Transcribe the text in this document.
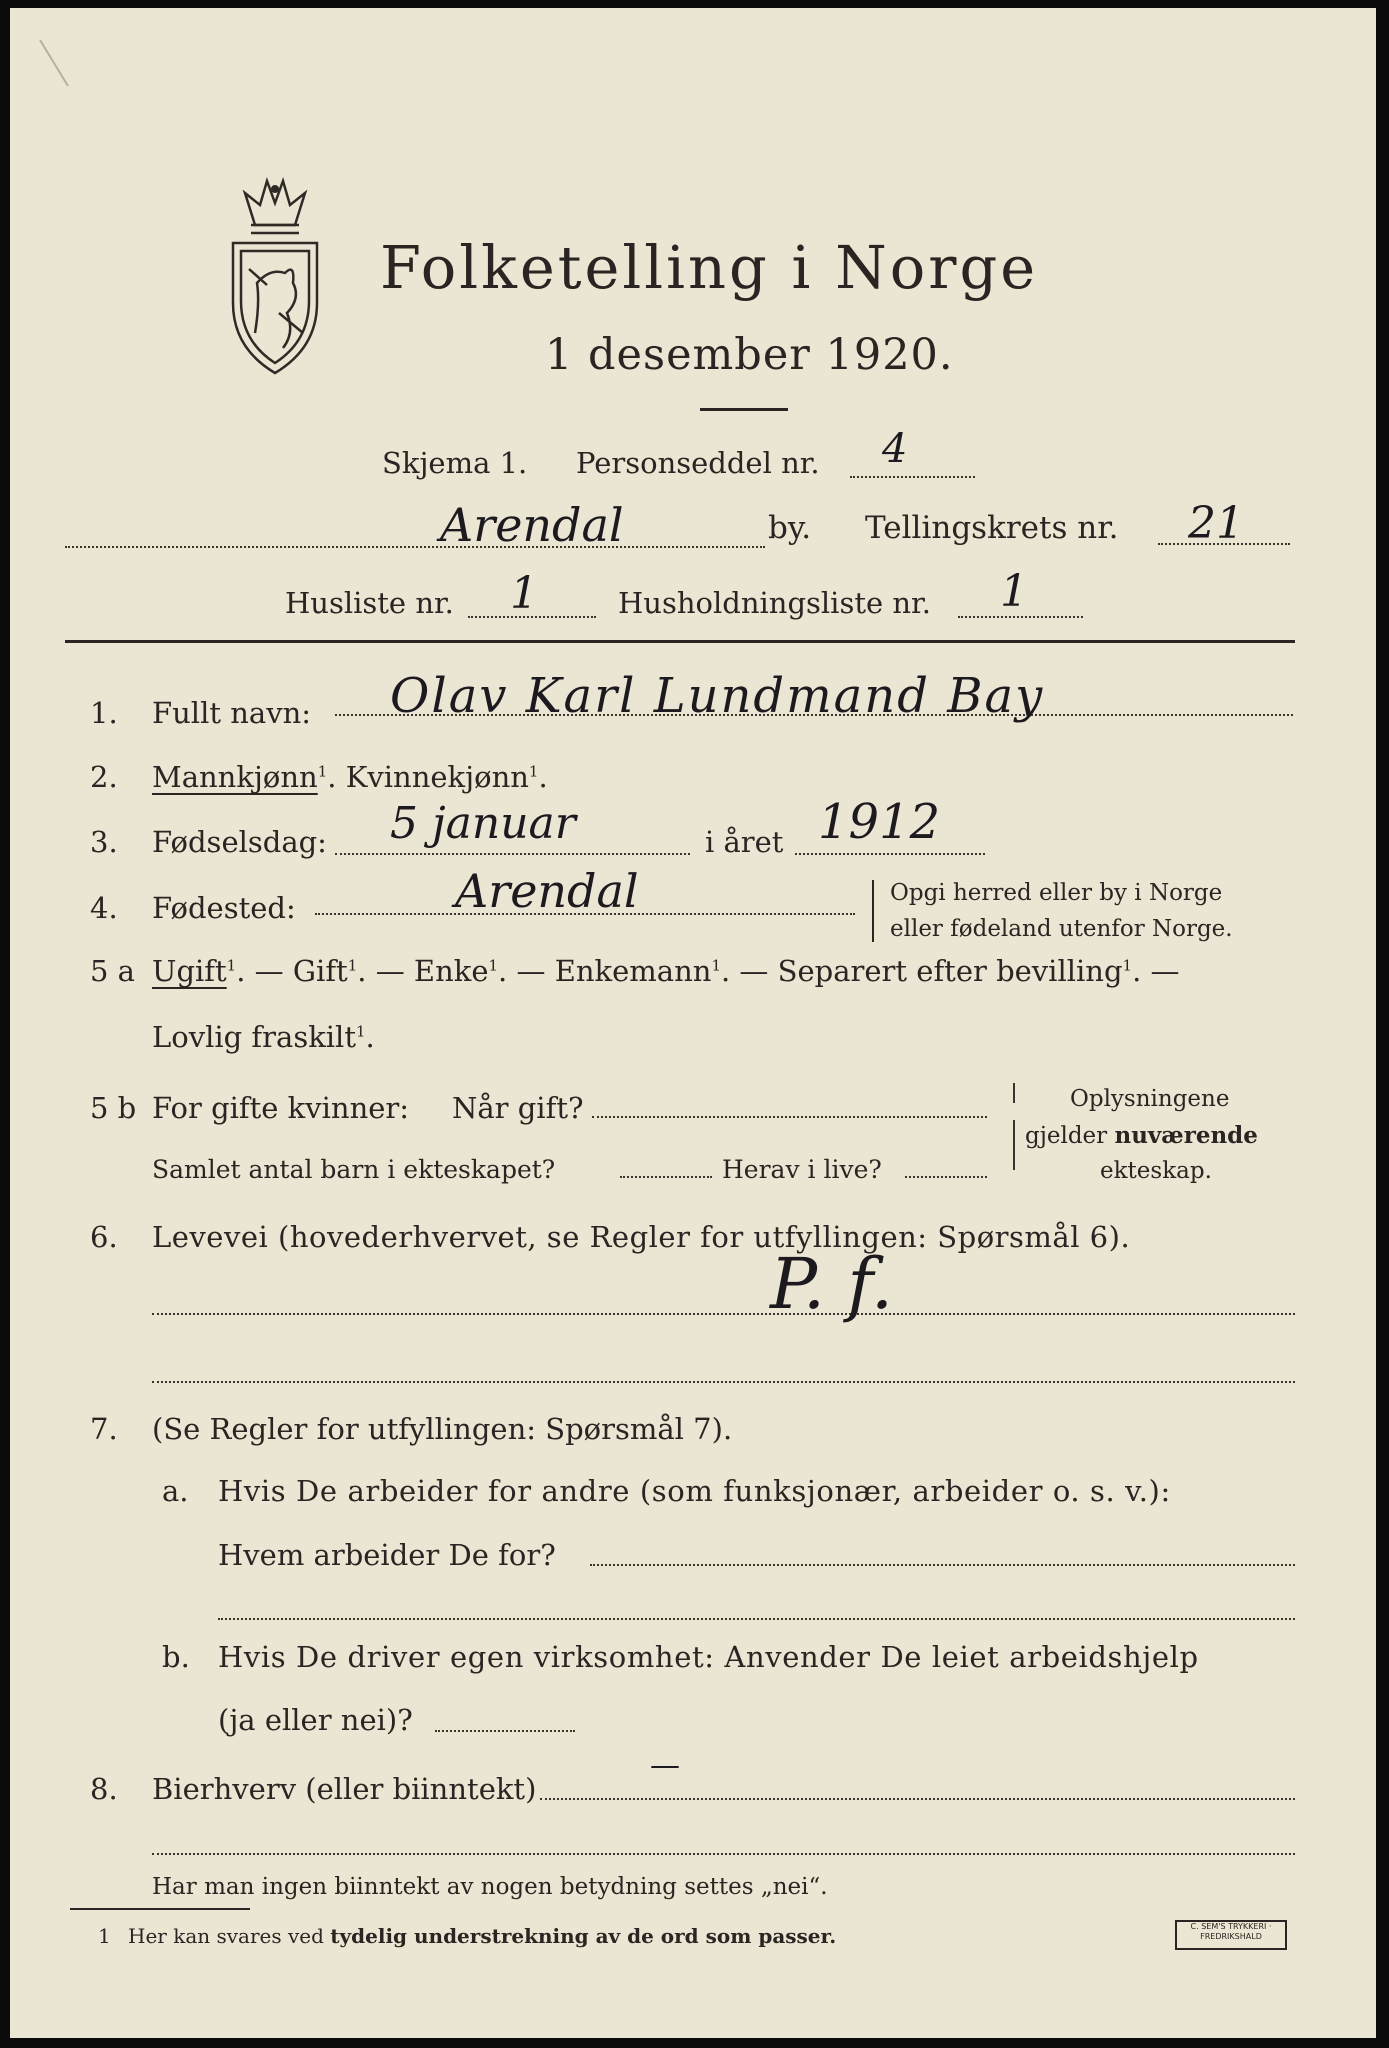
Folketelling i Norge
1 desember 1920.
Skjema 1. Personseddel nr. 4
Arendal	by. Tellingskrets nr. 21
Husliste nr. 1	Husholdningsliste nr. 1
1. Fullt navn: Olav Karl Lundmand Bay
2. Mannkjønn$^1$. Kvinnekjønn$^1$.
3. Fødselsdag: 5 januar	i året 1912
4. Fødested:	Arendal	Opgi herred eller by i Norge
eller fødeland utenfor Norge.
5 a Ugift$^1$. — Gift$^1$. — Enke$^1$. — Enkemann$^1$. — Separert efter bevilling$^1$. —
Lovlig fraskilt$^1$.
5 b For gifte kvinner: Når gift?
Samlet antal barn i ekteskapet?	Herav i live?
Oplysningene
gjelder nuværende
ekteskap.
6. Levevei (hovederhvervet, se Regler for utfyllingen: Spørsmål 6).
P. f.
7. (Se Regler for utfyllingen: Spørsmål 7).
a. Hvis De arbeider for andre (som funksjonær, arbeider o. s. v.):
Hvem arbeider De for?
b. Hvis De driver egen virksomhet: Anvender De leiet arbeidshjelp
(ja eller nei)?
8. Bierhverv (eller biinntekt)
—
Har man ingen biinntekt av nogen betydning settes „nei“.
1 Her kan svares ved tydelig understrekning av de ord som passer.	C. SEM'S TRYKKERI · FREDRIKSHALD
